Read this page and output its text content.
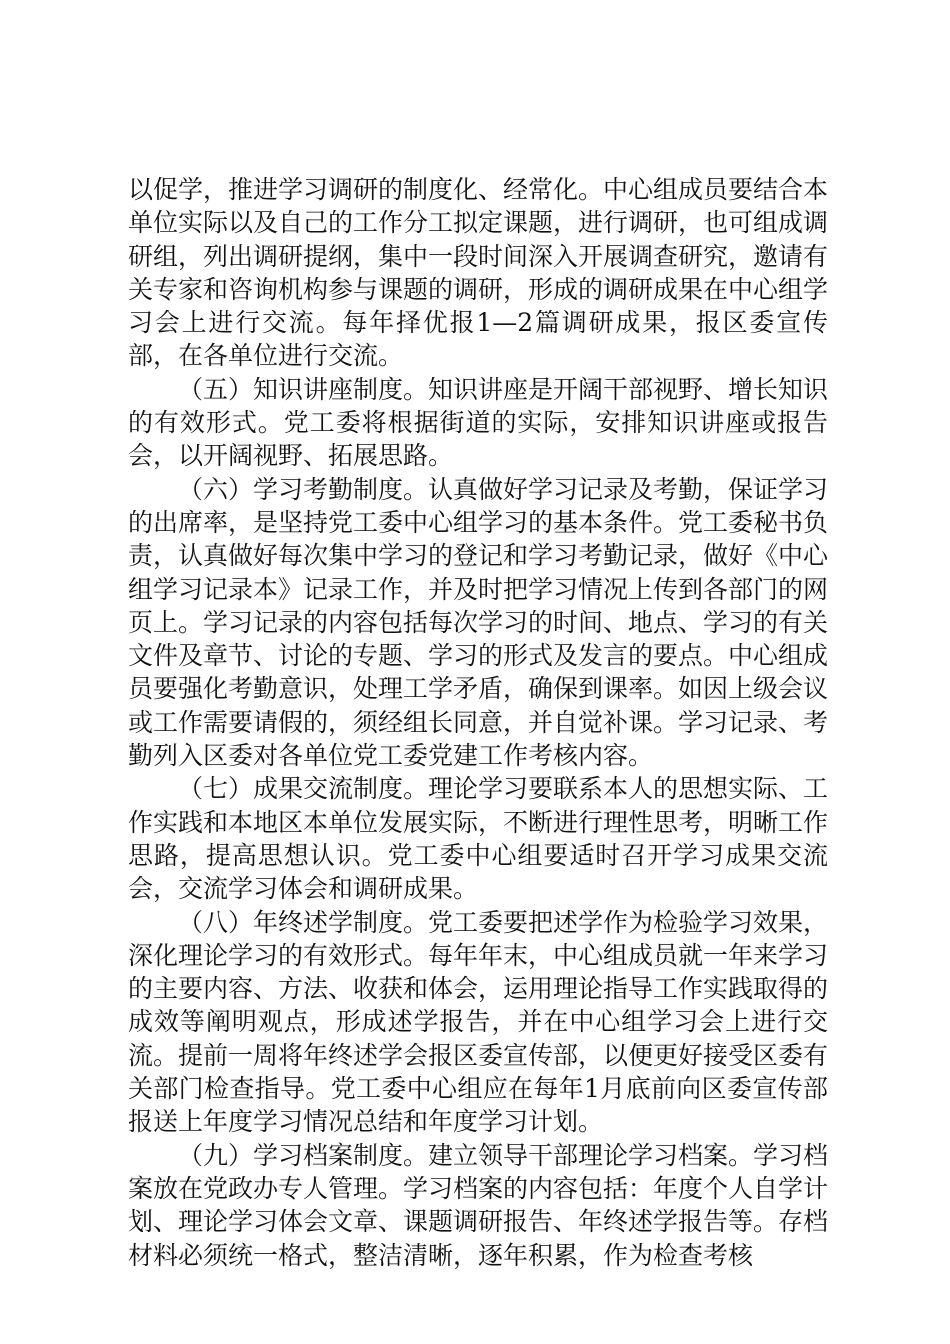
以促学，推进学习调研的制度化、经常化。中心组成员要结合本单位实际以及自己的工作分工拟定课题，进行调研，也可组成调研组，列出调研提纲，集中一段时间深入开展调查研究，邀请有关专家和咨询机构参与课题的调研，形成的调研成果在中心组学习会上进行交流。每年择优报1—2篇调研成果，报区委宣传部，在各单位进行交流。

（五）知识讲座制度。知识讲座是开阔干部视野、增长知识的有效形式。党工委将根据街道的实际，安排知识讲座或报告会，以开阔视野、拓展思路。

（六）学习考勤制度。认真做好学习记录及考勤，保证学习的出席率，是坚持党工委中心组学习的基本条件。党工委秘书负责，认真做好每次集中学习的登记和学习考勤记录，做好《中心组学习记录本》记录工作，并及时把学习情况上传到各部门的网页上。学习记录的内容包括每次学习的时间、地点、学习的有关文件及章节、讨论的专题、学习的形式及发言的要点。中心组成员要强化考勤意识，处理工学矛盾，确保到课率。如因上级会议或工作需要请假的，须经组长同意，并自觉补课。学习记录、考勤列入区委对各单位党工委党建工作考核内容。

（七）成果交流制度。理论学习要联系本人的思想实际、工作实践和本地区本单位发展实际，不断进行理性思考，明晰工作思路，提高思想认识。党工委中心组要适时召开学习成果交流会，交流学习体会和调研成果。

（八）年终述学制度。党工委要把述学作为检验学习效果，深化理论学习的有效形式。每年年末，中心组成员就一年来学习的主要内容、方法、收获和体会，运用理论指导工作实践取得的成效等阐明观点，形成述学报告，并在中心组学习会上进行交流。提前一周将年终述学会报区委宣传部，以便更好接受区委有关部门检查指导。党工委中心组应在每年1月底前向区委宣传部报送上年度学习情况总结和年度学习计划。

（九）学习档案制度。建立领导干部理论学习档案。学习档案放在党政办专人管理。学习档案的内容包括：年度个人自学计划、理论学习体会文章、课题调研报告、年终述学报告等。存档材料必须统一格式，整洁清晰，逐年积累，作为检查考核
